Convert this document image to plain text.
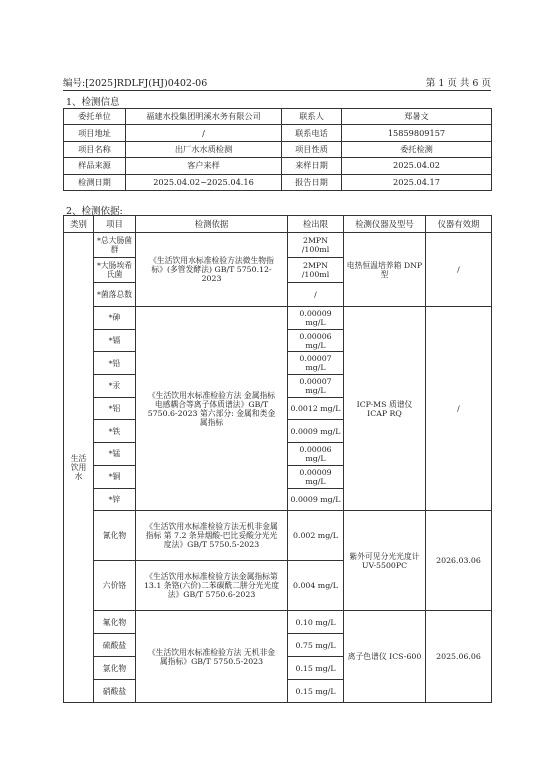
编号:[2025]RDLFJ(HJ)0402-06	第 1 页 共 6 页
1、检测信息
委托单位	福建水投集团明溪水务有限公司	联系人	郑暑文
项目地址	/	联系电话	15859809157
项目名称	出厂水水质检测	项目性质	委托检测
样品来源	客户来样	来样日期	2025.04.02
检测日期	2025.04.02~2025.04.16	报告日期	2025.04.17
2、检测依据:
类别	项目	检测依据	检出限	检测仪器及型号	仪器有效期
生活饮用水	*总大肠菌群	《生活饮用水标准检验方法微生物指标》(多管发酵法) GB/T 5750.12-2023	2MPN /100ml	电热恒温培养箱 DNP 型	/
	*大肠埃希氏菌		2MPN /100ml		
	*菌落总数		/		
	*砷	《生活饮用水标准检验方法 金属指标 电感耦合等离子体质谱法》GB/T 5750.6-2023 第六部分: 金属和类金属指标	0.00009 mg/L	ICP-MS 质谱仪 ICAP RQ	/
	*镉		0.00006 mg/L		
	*铅		0.00007 mg/L		
	*汞		0.00007 mg/L		
	*铝		0.0012 mg/L		
	*铁		0.0009 mg/L		
	*锰		0.00006 mg/L		
	*铜		0.00009 mg/L		
	*锌		0.0009 mg/L		
	氰化物	《生活饮用水标准检验方法无机非金属指标 第 7.2 条异烟酸-巴比妥酸分光光度法》GB/T 5750.5-2023	0.002 mg/L	紫外可见分光光度计 UV-5500PC	2026.03.06
	六价铬	《生活饮用水标准检验方法金属指标第 13.1 条铬(六价)二苯碳酰二肼分光光度法》GB/T 5750.6-2023	0.004 mg/L		
	氟化物	《生活饮用水标准检验方法 无机非金属指标》GB/T 5750.5-2023	0.10 mg/L	离子色谱仪 ICS-600	2025.06.06
	硫酸盐		0.75 mg/L		
	氯化物		0.15 mg/L		
	硝酸盐		0.15 mg/L		
